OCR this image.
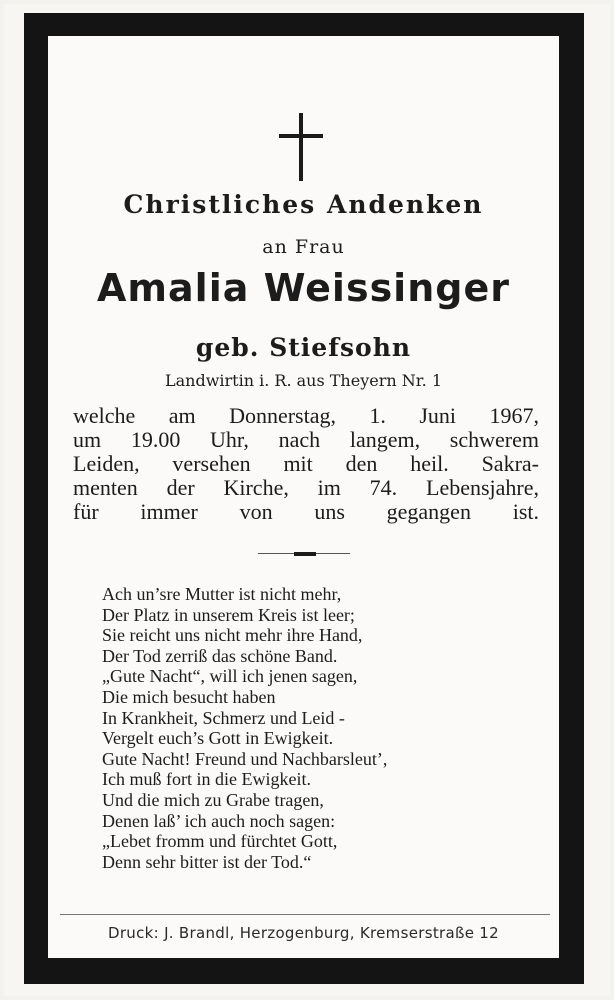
Christliches Andenken
an Frau
Amalia Weissinger
geb. Stiefsohn
Landwirtin i. R. aus Theyern Nr. 1
welche am Donnerstag, 1. Juni 1967,
um 19.00 Uhr, nach langem, schwerem
Leiden, versehen mit den heil. Sakra-
menten der Kirche, im 74. Lebensjahre,
für immer von uns gegangen ist.
Ach un’sre Mutter ist nicht mehr,
Der Platz in unserem Kreis ist leer;
Sie reicht uns nicht mehr ihre Hand,
Der Tod zerriß das schöne Band.
„Gute Nacht“, will ich jenen sagen,
Die mich besucht haben
In Krankheit, Schmerz und Leid -
Vergelt euch’s Gott in Ewigkeit.
Gute Nacht! Freund und Nachbarsleut’,
Ich muß fort in die Ewigkeit.
Und die mich zu Grabe tragen,
Denen laß’ ich auch noch sagen:
„Lebet fromm und fürchtet Gott,
Denn sehr bitter ist der Tod.“
Druck: J. Brandl, Herzogenburg, Kremserstraße 12
